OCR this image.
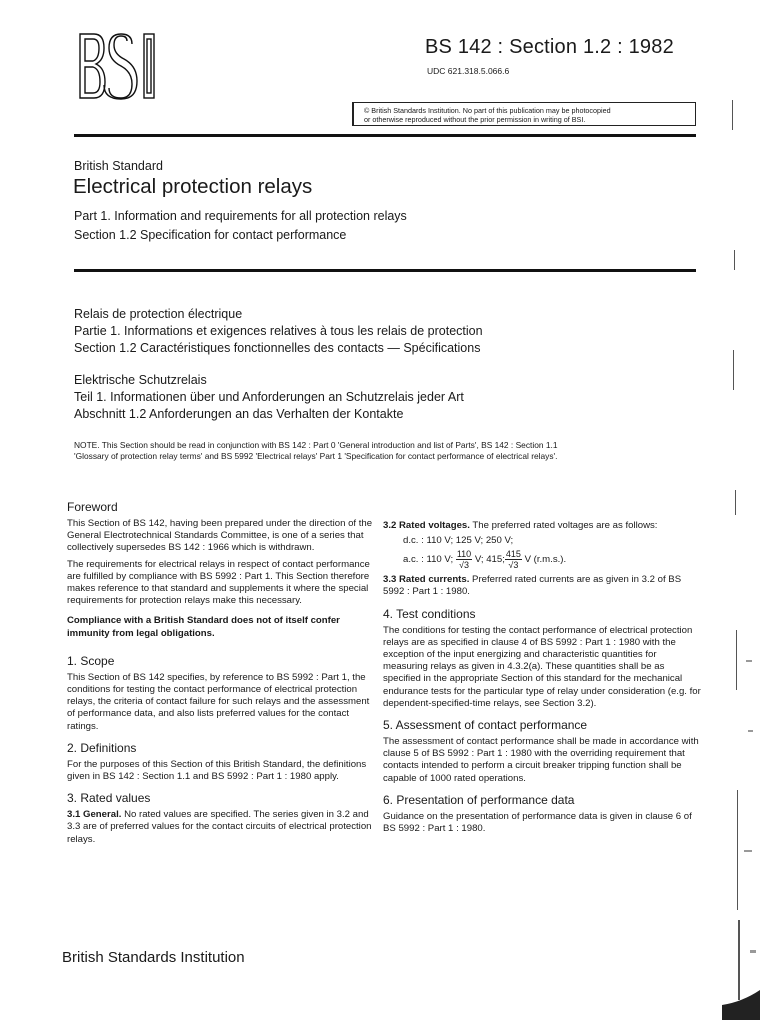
BS 142 : Section 1.2 : 1982
UDC 621.318.5.066.6
© British Standards Institution. No part of this publication may be photocopied
or otherwise reproduced without the prior permission in writing of BSI.
British Standard
Electrical protection relays
Part 1. Information and requirements for all protection relays
Section 1.2 Specification for contact performance
Relais de protection électrique
Partie 1. Informations et exigences relatives à tous les relais de protection
Section 1.2 Caractéristiques fonctionnelles des contacts — Spécifications
Elektrische Schutzrelais
Teil 1. Informationen über und Anforderungen an Schutzrelais jeder Art
Abschnitt 1.2 Anforderungen an das Verhalten der Kontakte
NOTE. This Section should be read in conjunction with BS 142 : Part 0 'General introduction and list of Parts', BS 142 : Section 1.1
'Glossary of protection relay terms' and BS 5992 'Electrical relays' Part 1 'Specification for contact performance of electrical relays'.
Foreword

This Section of BS 142, having been prepared under the direction of the General Electrotechnical Standards Committee, is one of a series that collectively supersedes BS 142 : 1966 which is withdrawn.

The requirements for electrical relays in respect of contact performance are fulfilled by compliance with BS 5992 : Part 1. This Section therefore makes reference to that standard and supplements it where the special requirements for protection relays make this necessary.

Compliance with a British Standard does not of itself confer immunity from legal obligations.

1. Scope

This Section of BS 142 specifies, by reference to BS 5992 : Part 1, the conditions for testing the contact performance of electrical protection relays, the criteria of contact failure for such relays and the assessment of performance data, and also lists preferred values for the contact ratings.

2. Definitions

For the purposes of this Section of this British Standard, the definitions given in BS 142 : Section 1.1 and BS 5992 : Part 1 : 1980 apply.

3. Rated values

3.1 General. No rated values are specified. The series given in 3.2 and 3.3 are of preferred values for the contact circuits of electrical protection relays.

3.2 Rated voltages. The preferred rated voltages are as follows:

d.c. : 110 V; 125 V; 250 V;
a.c. : 110 V; $\frac{110}{√3} V$; 415; $\frac{415}{√3}$ V (r.m.s.).

3.3 Rated currents. Preferred rated currents are as given in 3.2 of BS 5992 : Part 1 : 1980.

4. Test conditions

The conditions for testing the contact performance of electrical protection relays are as specified in clause 4 of BS 5992 : Part 1 : 1980 with the exception of the input energizing and characteristic quantities for measuring relays as given in 4.3.2(a). These quantities shall be as specified in the appropriate Section of this standard for the mechanical endurance tests for the particular type of relay under consideration (e.g. for dependent-specified-time relays, see Section 3.2).

5. Assessment of contact performance

The assessment of contact performance shall be made in accordance with clause 5 of BS 5992 : Part 1 : 1980 with the overriding requirement that contacts intended to perform a circuit breaker tripping function shall be capable of 1000 rated operations.

6. Presentation of performance data

Guidance on the presentation of performance data is given in clause 6 of BS 5992 : Part 1 : 1980.

British Standards Institution
